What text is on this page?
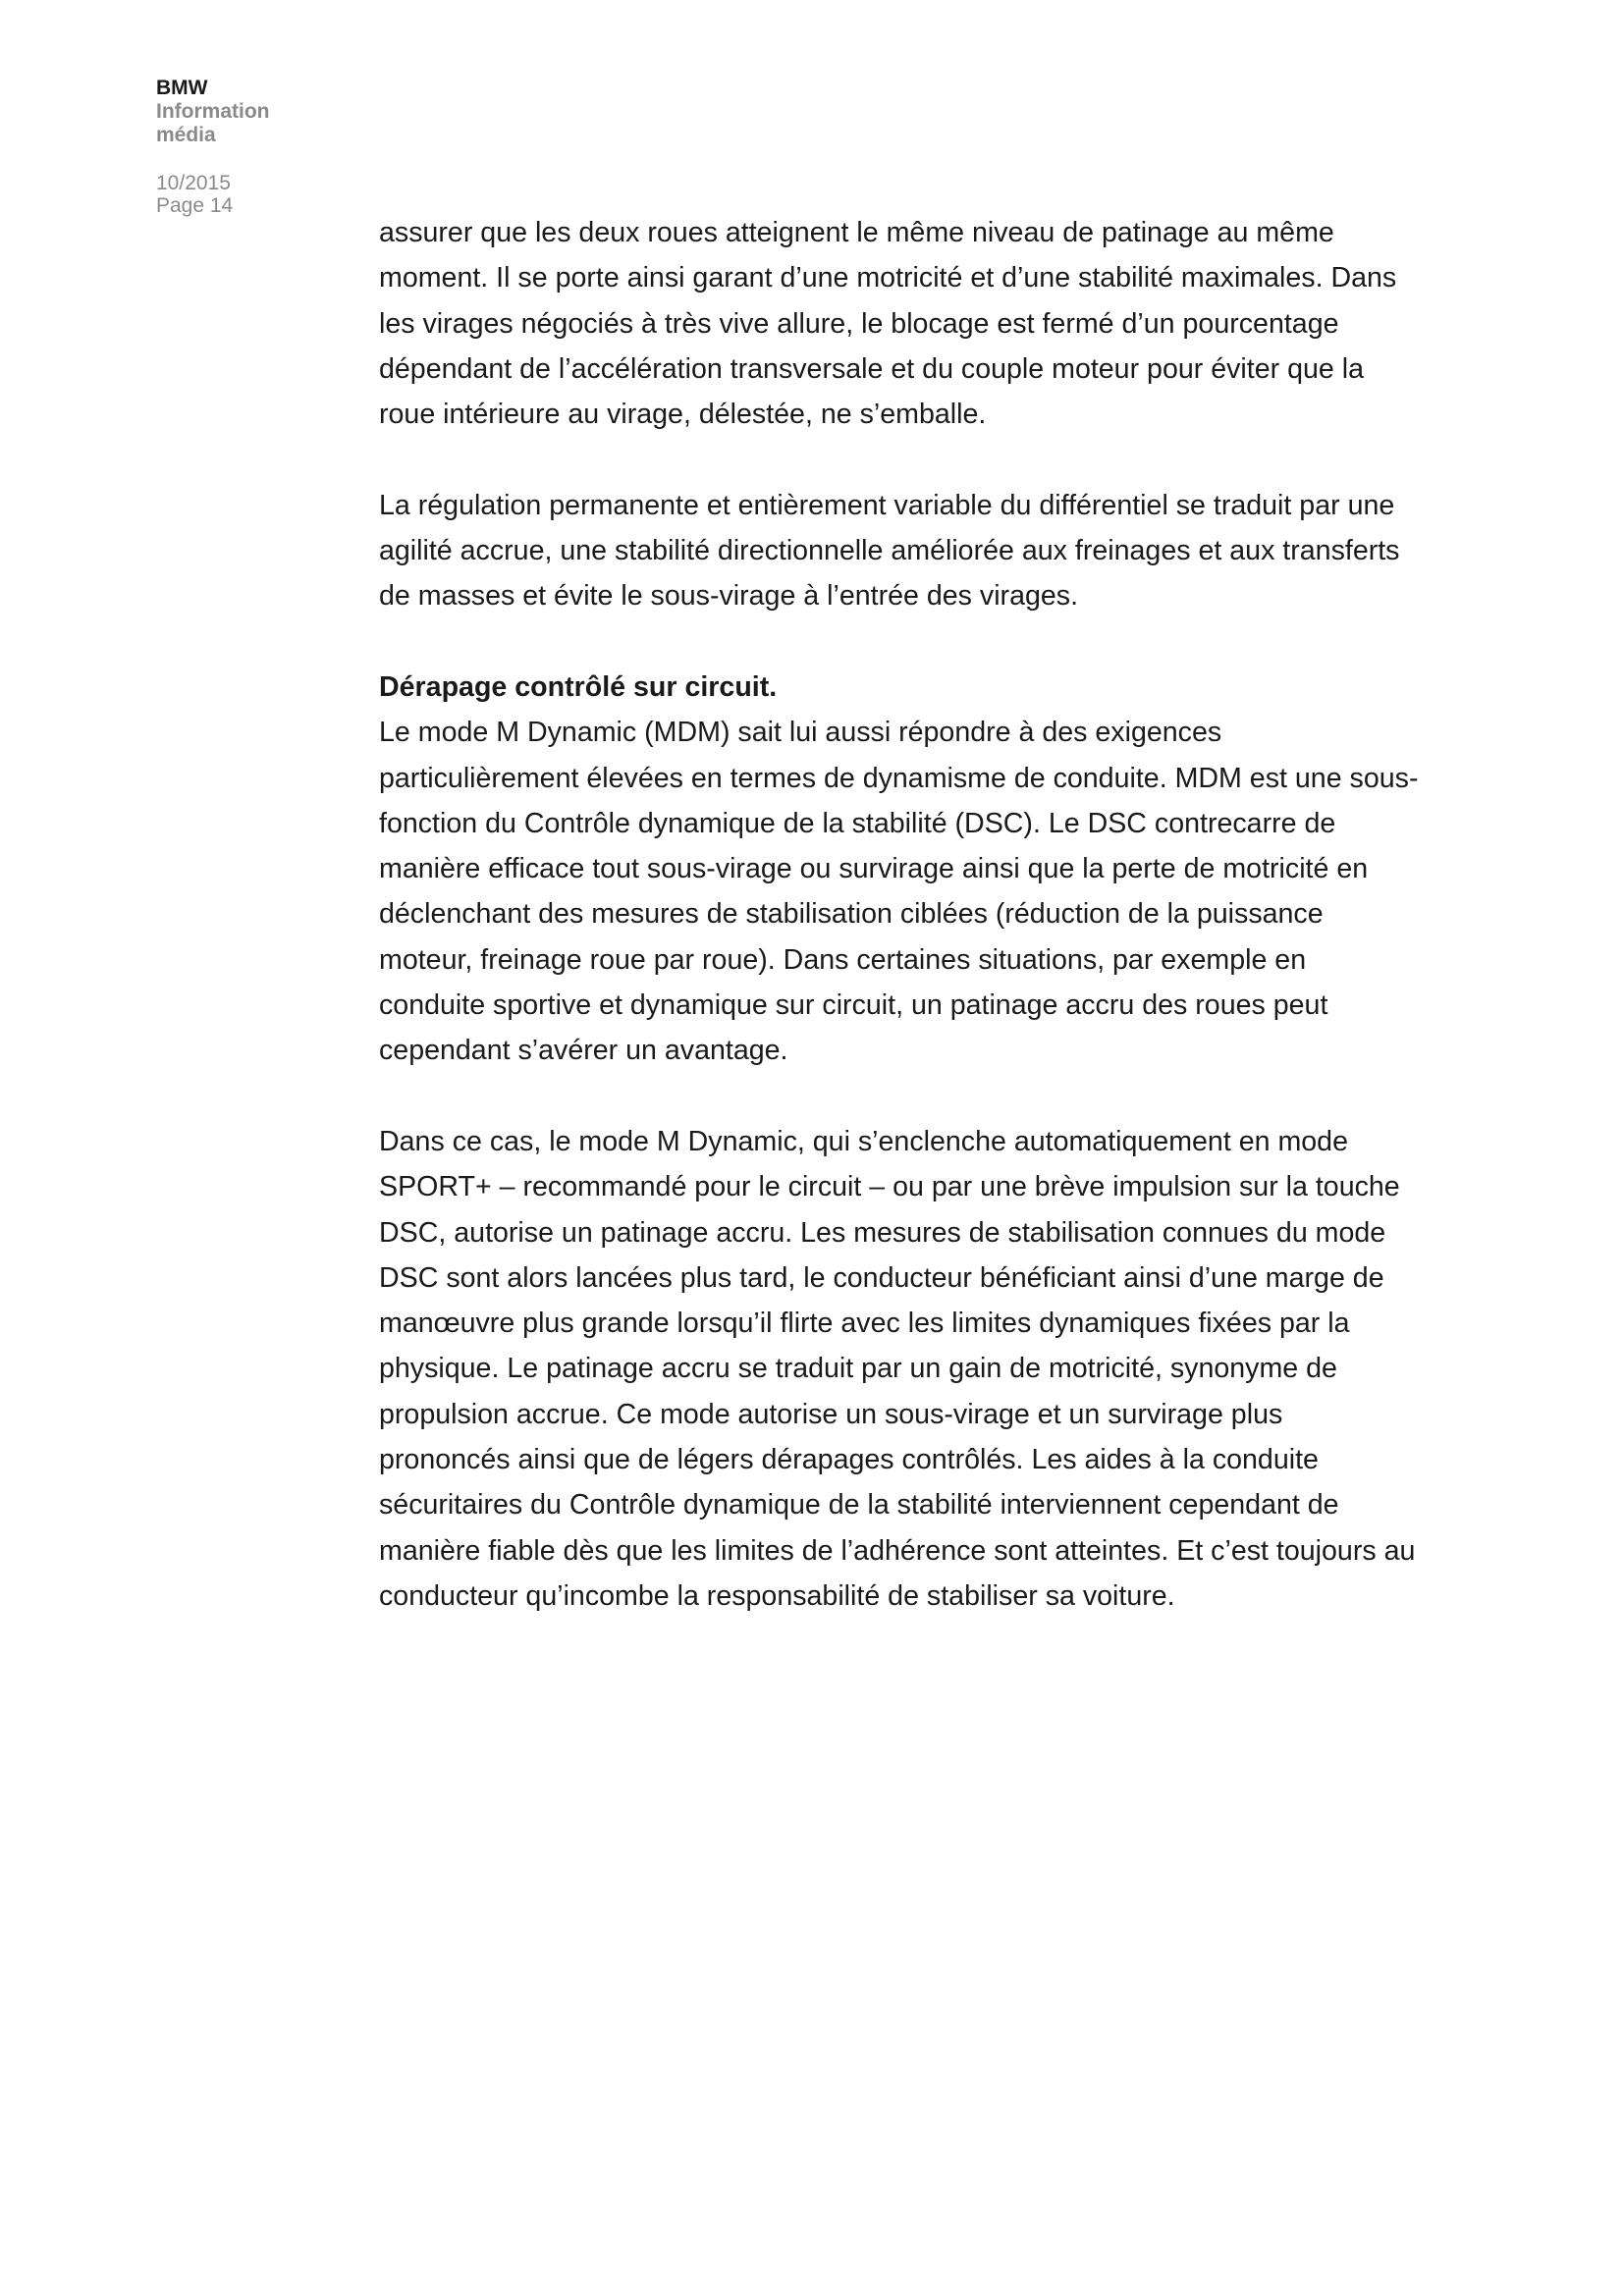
BMW
Information
média
10/2015
Page 14

assurer que les deux roues atteignent le même niveau de patinage au même moment. Il se porte ainsi garant d’une motricité et d’une stabilité maximales. Dans les virages négociés à très vive allure, le blocage est fermé d’un pourcentage dépendant de l’accélération transversale et du couple moteur pour éviter que la roue intérieure au virage, délestée, ne s’emballe.

La régulation permanente et entièrement variable du différentiel se traduit par une agilité accrue, une stabilité directionnelle améliorée aux freinages et aux transferts de masses et évite le sous-virage à l’entrée des virages.

Dérapage contrôlé sur circuit.

Le mode M Dynamic (MDM) sait lui aussi répondre à des exigences particulièrement élevées en termes de dynamisme de conduite. MDM est une sous-fonction du Contrôle dynamique de la stabilité (DSC). Le DSC contrecarre de manière efficace tout sous-virage ou survirage ainsi que la perte de motricité en déclenchant des mesures de stabilisation ciblées (réduction de la puissance moteur, freinage roue par roue). Dans certaines situations, par exemple en conduite sportive et dynamique sur circuit, un patinage accru des roues peut cependant s’avérer un avantage.

Dans ce cas, le mode M Dynamic, qui s’enclenche automatiquement en mode SPORT+ – recommandé pour le circuit – ou par une brève impulsion sur la touche DSC, autorise un patinage accru. Les mesures de stabilisation connues du mode DSC sont alors lancées plus tard, le conducteur bénéficiant ainsi d’une marge de manœuvre plus grande lorsqu’il flirte avec les limites dynamiques fixées par la physique. Le patinage accru se traduit par un gain de motricité, synonyme de propulsion accrue. Ce mode autorise un sous-virage et un survirage plus prononcés ainsi que de légers dérapages contrôlés. Les aides à la conduite sécuritaires du Contrôle dynamique de la stabilité interviennent cependant de manière fiable dès que les limites de l’adhérence sont atteintes. Et c’est toujours au conducteur qu’incombe la responsabilité de stabiliser sa voiture.
